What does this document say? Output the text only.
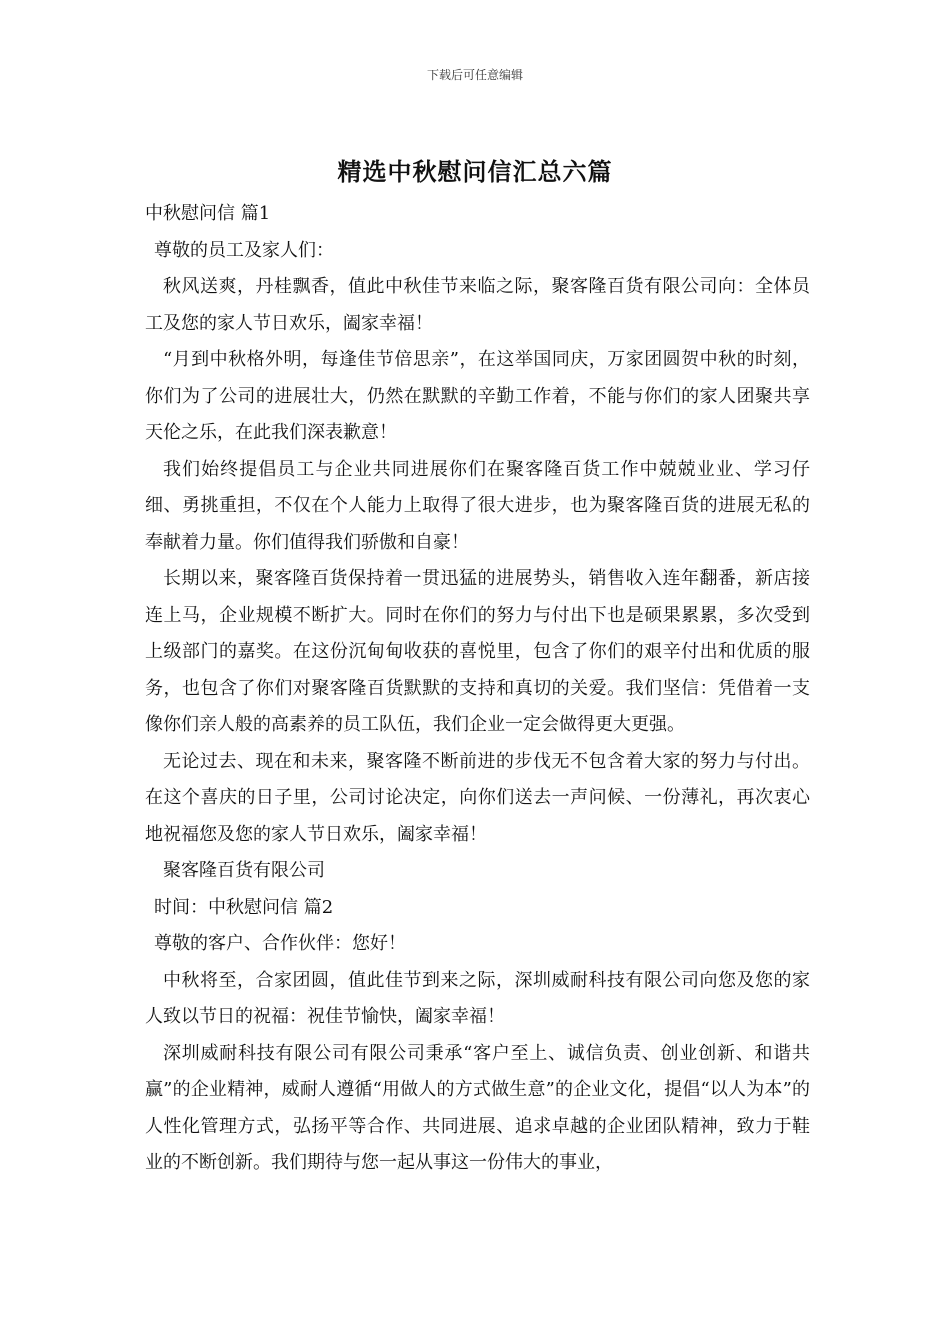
下载后可任意编辑
精选中秋慰问信汇总六篇

中秋慰问信 篇1

尊敬的员工及家人们：

秋风送爽，丹桂飘香，值此中秋佳节来临之际，聚客隆百货有限公司向：全体员工及您的家人节日欢乐，阖家幸福！

“月到中秋格外明，每逢佳节倍思亲”，在这举国同庆，万家团圆贺中秋的时刻，你们为了公司的进展壮大，仍然在默默的辛勤工作着，不能与你们的家人团聚共享天伦之乐，在此我们深表歉意！

我们始终提倡员工与企业共同进展你们在聚客隆百货工作中兢兢业业、学习仔细、勇挑重担，不仅在个人能力上取得了很大进步，也为聚客隆百货的进展无私的奉献着力量。你们值得我们骄傲和自豪！

长期以来，聚客隆百货保持着一贯迅猛的进展势头，销售收入连年翻番，新店接连上马，企业规模不断扩大。同时在你们的努力与付出下也是硕果累累，多次受到上级部门的嘉奖。在这份沉甸甸收获的喜悦里，包含了你们的艰辛付出和优质的服务，也包含了你们对聚客隆百货默默的支持和真切的关爱。我们坚信：凭借着一支像你们亲人般的高素养的员工队伍，我们企业一定会做得更大更强。

无论过去、现在和未来，聚客隆不断前进的步伐无不包含着大家的努力与付出。在这个喜庆的日子里，公司讨论决定，向你们送去一声问候、一份薄礼，再次衷心地祝福您及您的家人节日欢乐，阖家幸福！

聚客隆百货有限公司

时间：中秋慰问信 篇2

尊敬的客户、合作伙伴：您好！

中秋将至，合家团圆，值此佳节到来之际，深圳威耐科技有限公司向您及您的家人致以节日的祝福：祝佳节愉快，阖家幸福！

深圳威耐科技有限公司有限公司秉承“客户至上、诚信负责、创业创新、和谐共赢”的企业精神，威耐人遵循“用做人的方式做生意”的企业文化，提倡“以人为本”的人性化管理方式，弘扬平等合作、共同进展、追求卓越的企业团队精神，致力于鞋业的不断创新。我们期待与您一起从事这一份伟大的事业，
